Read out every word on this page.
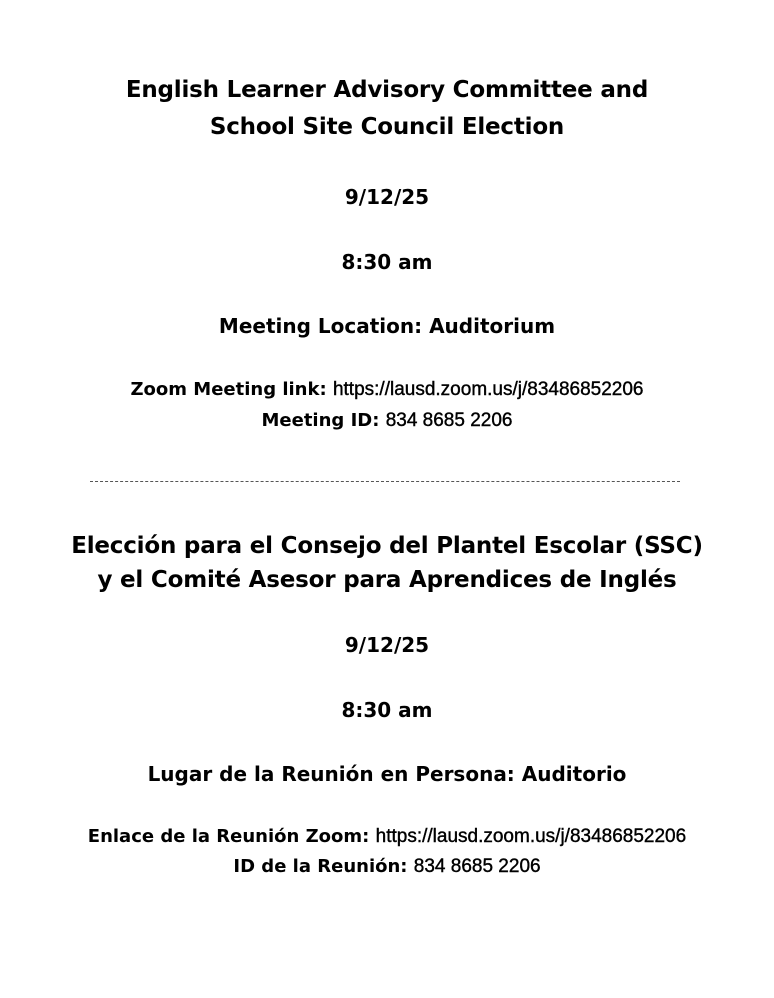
English Learner Advisory Committee and
School Site Council Election
9/12/25
8:30 am
Meeting Location: Auditorium
Zoom Meeting link: https://lausd.zoom.us/j/83486852206
Meeting ID: 834 8685 2206
Elección para el Consejo del Plantel Escolar (SSC)
y el Comité Asesor para Aprendices de Inglés
9/12/25
8:30 am
Lugar de la Reunión en Persona: Auditorio
Enlace de la Reunión Zoom: https://lausd.zoom.us/j/83486852206
ID de la Reunión: 834 8685 2206
